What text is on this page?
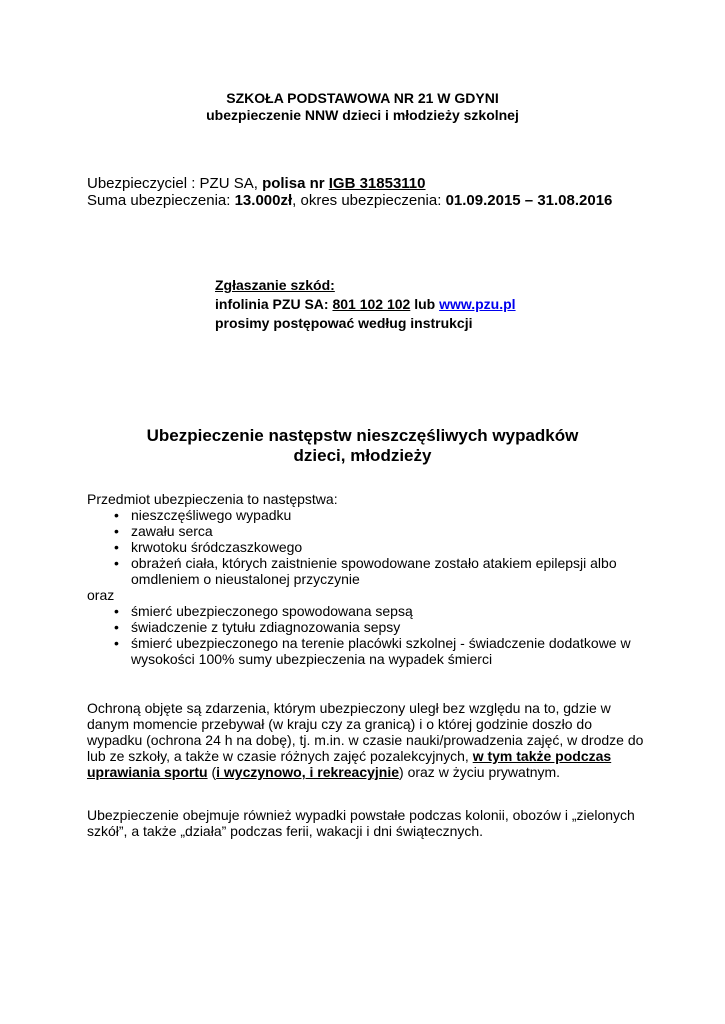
SZKOŁA PODSTAWOWA NR 21 W GDYNI
ubezpieczenie NNW dzieci i młodzieży szkolnej
Ubezpieczyciel : PZU SA, polisa nr IGB 31853110
Suma ubezpieczenia: 13.000zł, okres ubezpieczenia: 01.09.2015 – 31.08.2016
Zgłaszanie szkód:
infolinia PZU SA: 801 102 102 lub www.pzu.pl
prosimy postępować według instrukcji
Ubezpieczenie następstw nieszczęśliwych wypadków
dzieci, młodzieży
Przedmiot ubezpieczenia to następstwa:
• nieszczęśliwego wypadku
• zawału serca
• krwotoku śródczaszkowego
• obrażeń ciała, których zaistnienie spowodowane zostało atakiem epilepsji albo omdleniem o nieustalonej przyczynie
oraz
• śmierć ubezpieczonego spowodowana sepsą
• świadczenie z tytułu zdiagnozowania sepsy
• śmierć ubezpieczonego na terenie placówki szkolnej - świadczenie dodatkowe w wysokości 100% sumy ubezpieczenia na wypadek śmierci
Ochroną objęte są zdarzenia, którym ubezpieczony uległ bez względu na to, gdzie w danym momencie przebywał (w kraju czy za granicą) i o której godzinie doszło do wypadku (ochrona 24 h na dobę), tj. m.in. w czasie nauki/prowadzenia zajęć, w drodze do lub ze szkoły, a także w czasie różnych zajęć pozalekcyjnych, w tym także podczas uprawiania sportu (i wyczynowo, i rekreacyjnie) oraz w życiu prywatnym.
Ubezpieczenie obejmuje również wypadki powstałe podczas kolonii, obozów i „zielonych szkół”, a także „działa” podczas ferii, wakacji i dni świątecznych.
